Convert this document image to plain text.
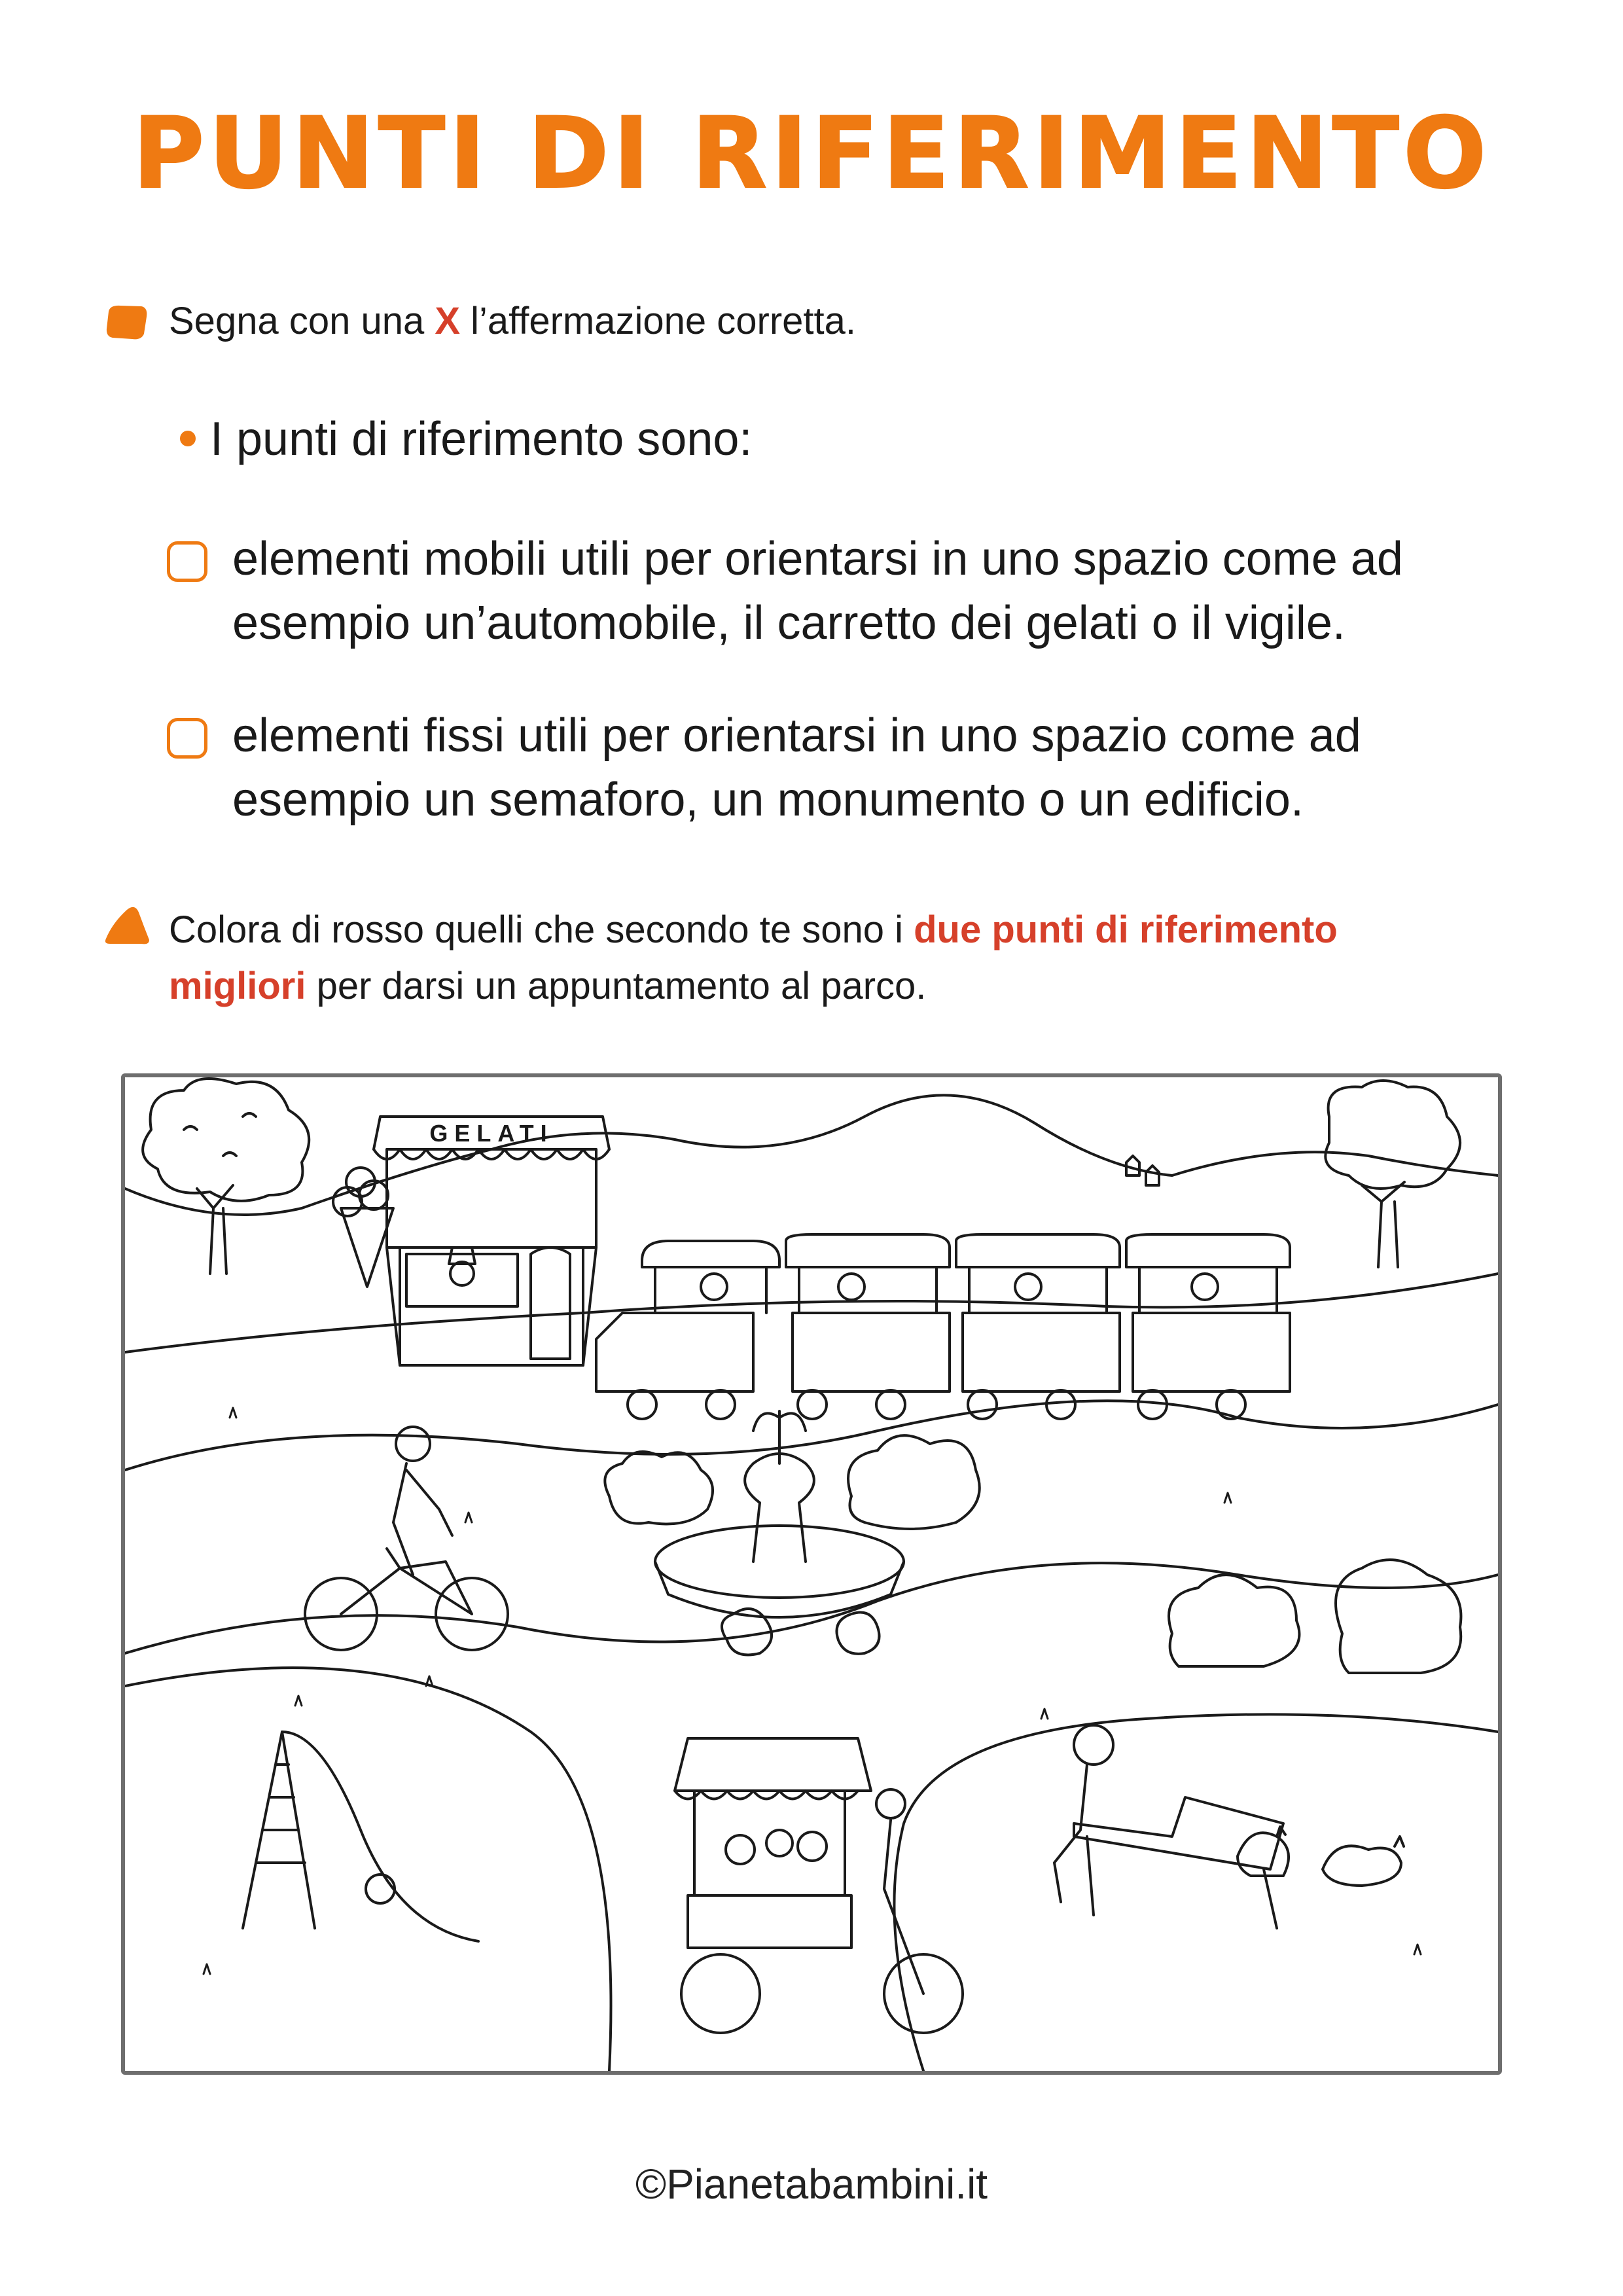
PUNTI DI RIFERIMENTO
Segna con una X l’affermazione corretta.
I punti di riferimento sono:
elementi mobili utili per orientarsi in uno spazio come ad
esempio un’automobile, il carretto dei gelati o il vigile.
elementi fissi utili per orientarsi in uno spazio come ad
esempio un semaforo, un monumento o un edificio.
Colora di rosso quelli che secondo te sono i due punti di riferimento
migliori per darsi un appuntamento al parco.
GELATI
©Pianetabambini.it
